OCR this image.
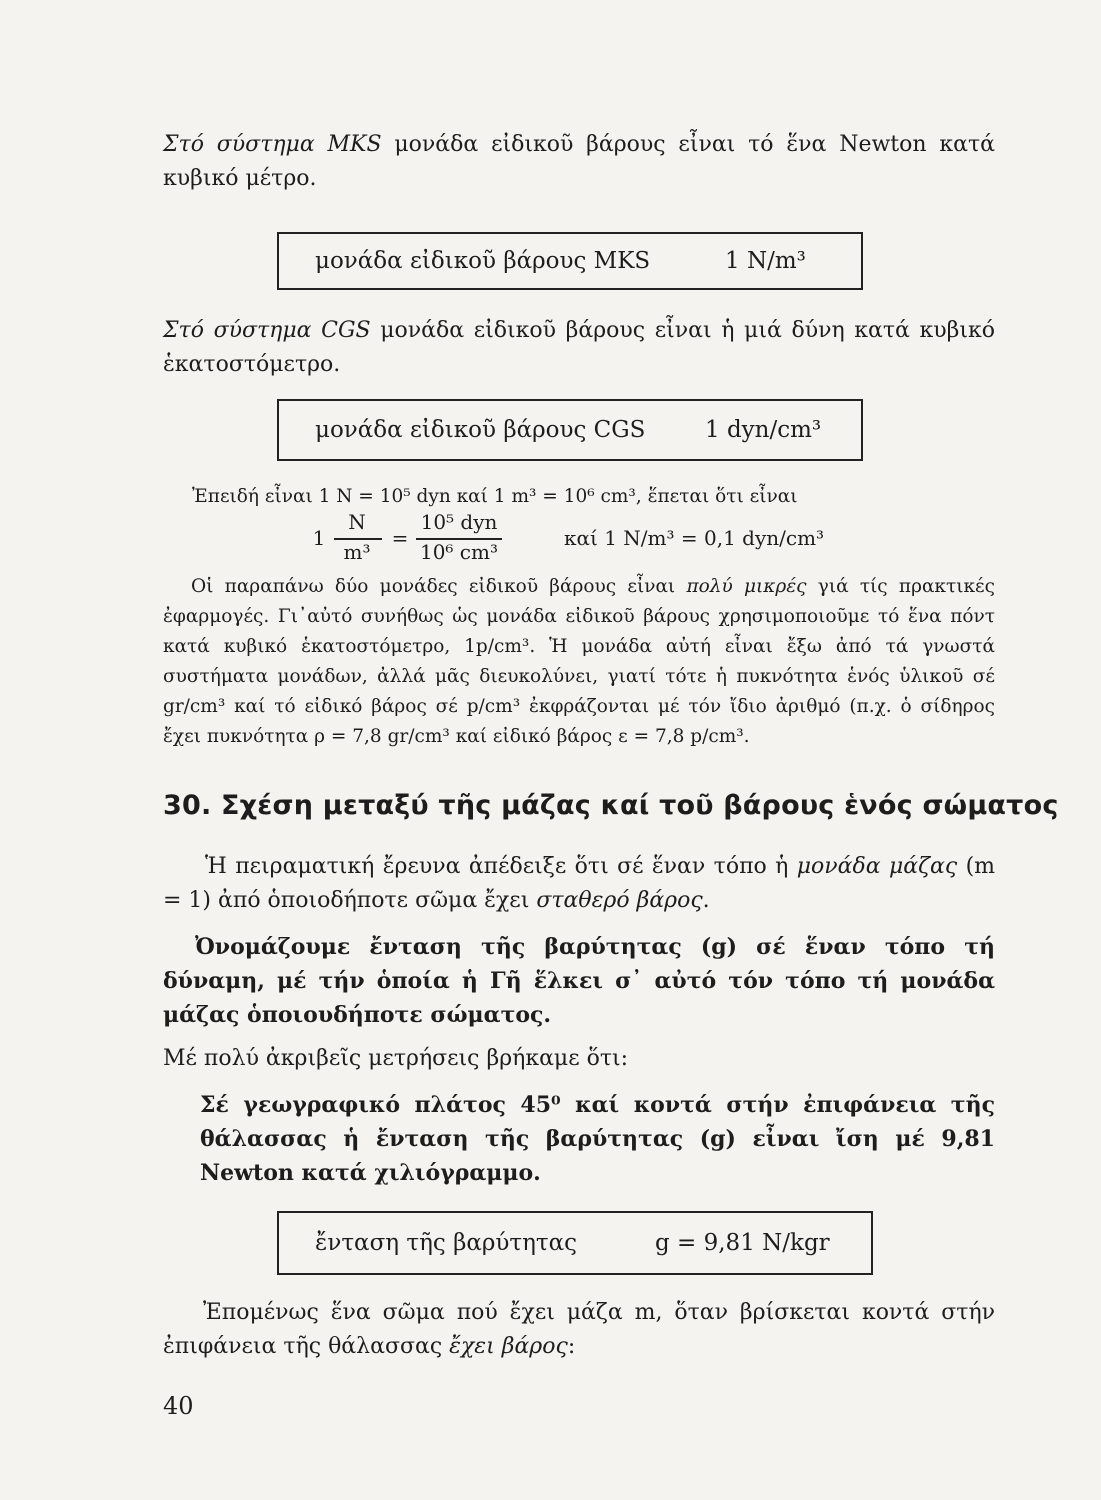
Στό σύστημα MKS μονάδα εἰδικοῦ βάρους εἶναι τό ἕνα Newton κατά κυβικό μέτρο.
μονάδα εἰδικοῦ βάρους MKS	1 N/m³
Στό σύστημα CGS μονάδα εἰδικοῦ βάρους εἶναι ἡ μιά δύνη κατά κυβικό ἑκατοστόμετρο.
μονάδα εἰδικοῦ βάρους CGS	1 dyn/cm³
Ἐπειδή εἶναι 1 N = 10⁵ dyn καί 1 m³ = 10⁶ cm³, ἕπεται ὅτι εἶναι
1
N
m³
=
10⁵ dyn
10⁶ cm³
καί 1 N/m³ = 0,1 dyn/cm³
Οἱ παραπάνω δύο μονάδες εἰδικοῦ βάρους εἶναι πολύ μικρές γιά τίς πρακτικές ἐφαρμογές. Γι᾿αὐτό συνήθως ὡς μονάδα εἰδικοῦ βάρους χρησιμοποιοῦμε τό ἕνα πόντ κατά κυβικό ἑκατοστόμετρο, 1p/cm³. Ἡ μονάδα αὐτή εἶναι ἔξω ἀπό τά γνωστά συστήματα μονάδων, ἀλλά μᾶς διευκολύνει, γιατί τότε ἡ πυκνότητα ἑνός ὑλικοῦ σέ gr/cm³ καί τό εἰδικό βάρος σέ p/cm³ ἐκφράζονται μέ τόν ἴδιο ἀριθμό (π.χ. ὁ σίδηρος ἔχει πυκνότητα ρ = 7,8 gr/cm³ καί εἰδικό βάρος ε = 7,8 p/cm³.
30. Σχέση μεταξύ τῆς μάζας καί τοῦ βάρους ἑνός σώματος
Ἡ πειραματική ἔρευνα ἀπέδειξε ὅτι σέ ἕναν τόπο ἡ μονάδα μάζας (m = 1) ἀπό ὁποιοδήποτε σῶμα ἔχει σταθερό βάρος.
Ὀνομάζουμε ἔνταση τῆς βαρύτητας (g) σέ ἕναν τόπο τή δύναμη, μέ τήν ὁποία ἡ Γῆ ἕλκει σ᾿ αὐτό τόν τόπο τή μονάδα μάζας ὁποιουδήποτε σώματος.
Μέ πολύ ἀκριβεῖς μετρήσεις βρήκαμε ὅτι:
Σέ γεωγραφικό πλάτος 45⁰ καί κοντά στήν ἐπιφάνεια τῆς θάλασσας ἡ ἔνταση τῆς βαρύτητας (g) εἶναι ἴση μέ 9,81 Newton κατά χιλιόγραμμο.
ἔνταση τῆς βαρύτητας	g = 9,81 N/kgr
Ἐπομένως ἕνα σῶμα πού ἔχει μάζα m, ὅταν βρίσκεται κοντά στήν ἐπιφάνεια τῆς θάλασσας ἔχει βάρος:
40
